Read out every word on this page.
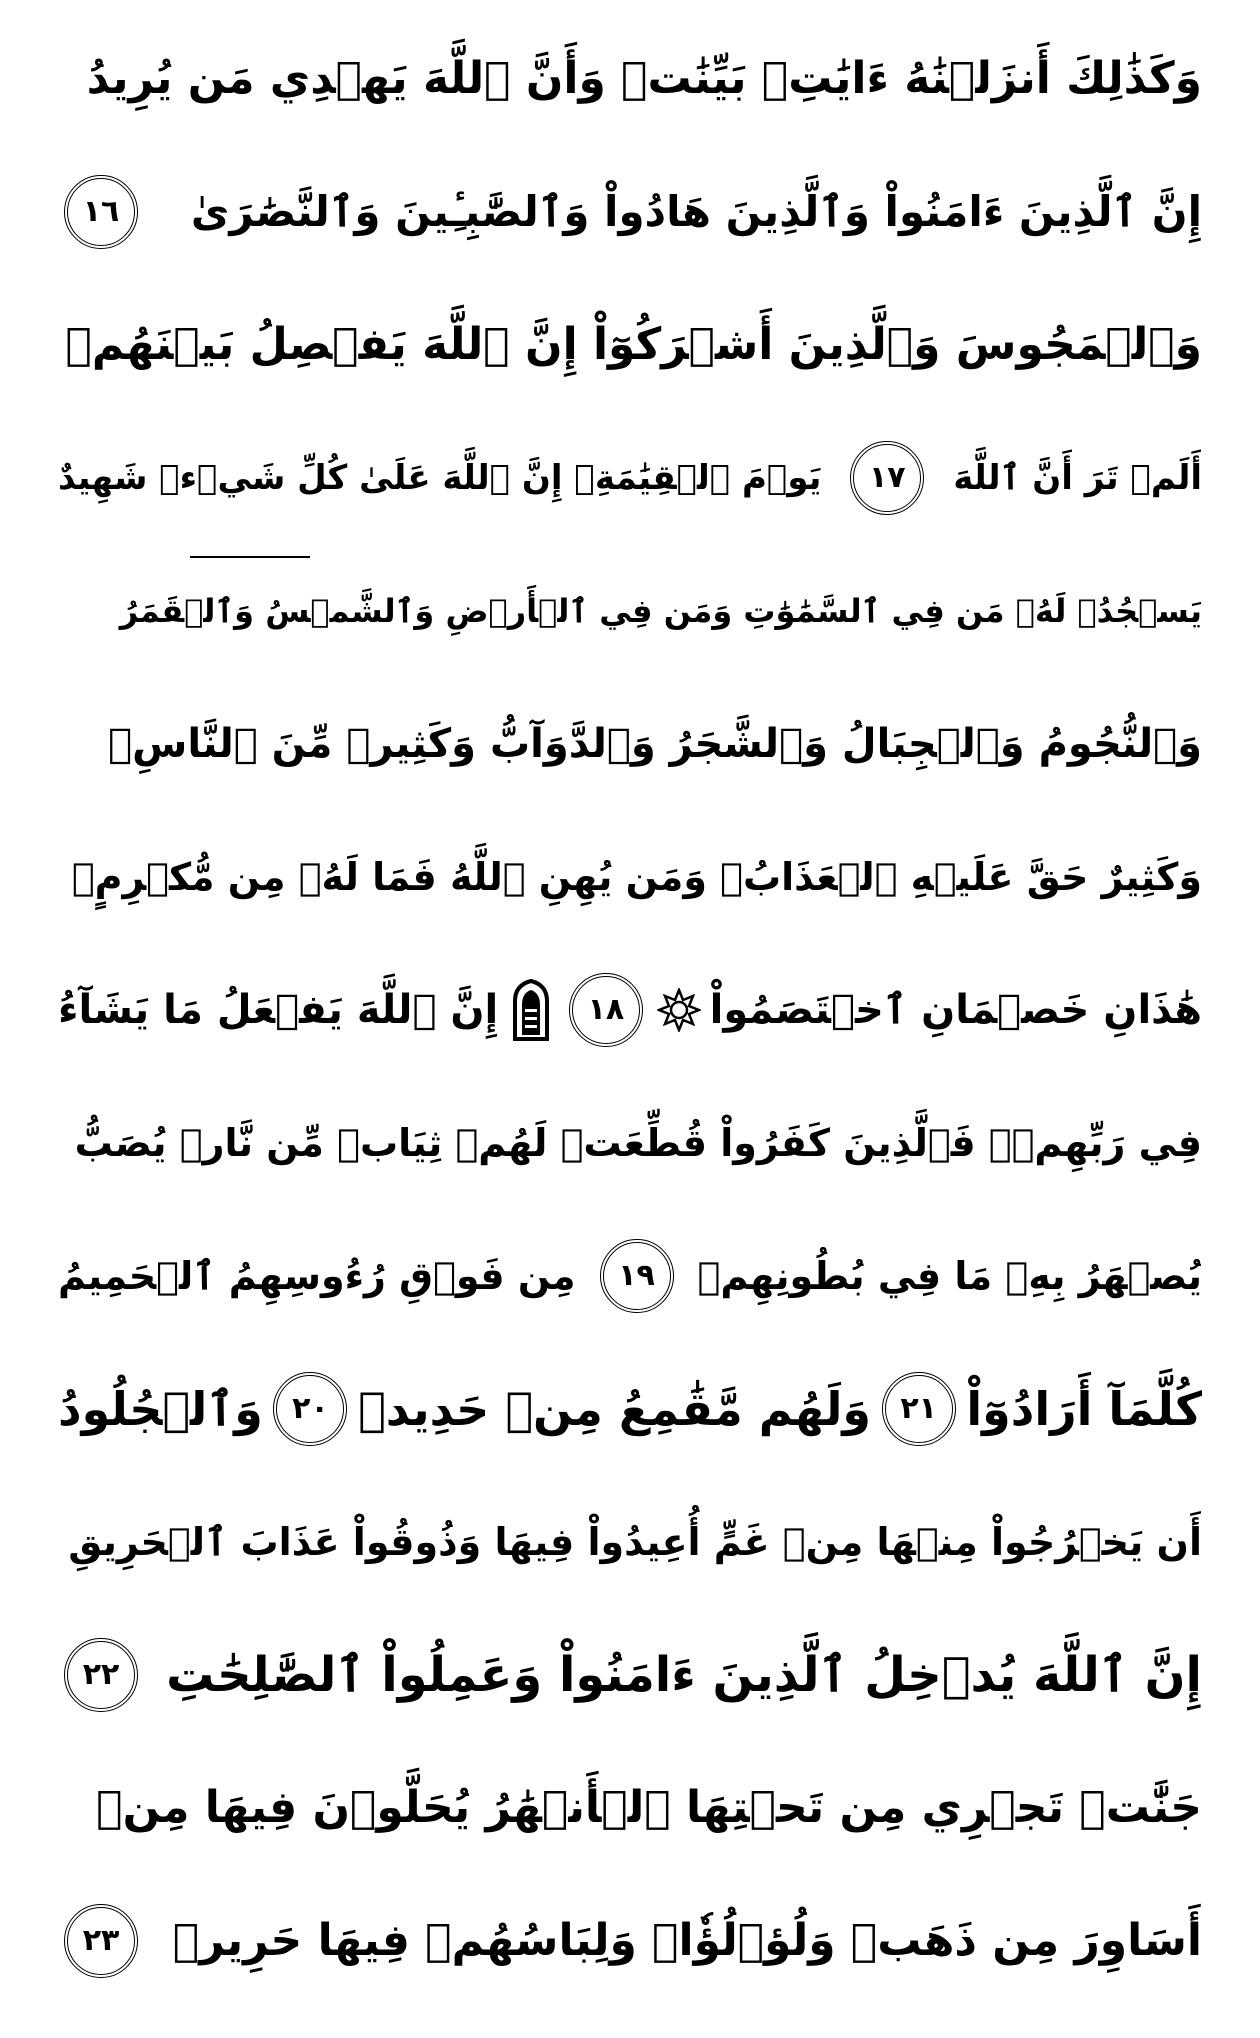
وَكَذَٰلِكَ أَنزَلۡنَٰهُ ءَايَٰتِۭ بَيِّنَٰتٖ وَأَنَّ ٱللَّهَ يَهۡدِي مَن يُرِيدُ
إِنَّ ٱلَّذِينَ ءَامَنُواْ وَٱلَّذِينَ هَادُواْ وَٱلصَّٰبِـِٔينَ وَٱلنَّصَٰرَىٰ
١٦
وَٱلۡمَجُوسَ وَٱلَّذِينَ أَشۡرَكُوٓاْ إِنَّ ٱللَّهَ يَفۡصِلُ بَيۡنَهُمۡ
أَلَمۡ تَرَ أَنَّ ٱللَّهَ
١٧
يَوۡمَ ٱلۡقِيَٰمَةِۚ إِنَّ ٱللَّهَ عَلَىٰ كُلِّ شَيۡءٖ شَهِيدٌ
يَسۡجُدُۤ لَهُۥ مَن فِي ٱلسَّمَٰوَٰتِ وَمَن فِي ٱلۡأَرۡضِ وَٱلشَّمۡسُ وَٱلۡقَمَرُ
وَٱلنُّجُومُ وَٱلۡجِبَالُ وَٱلشَّجَرُ وَٱلدَّوَآبُّ وَكَثِيرٞ مِّنَ ٱلنَّاسِۖ
وَكَثِيرٌ حَقَّ عَلَيۡهِ ٱلۡعَذَابُۗ وَمَن يُهِنِ ٱللَّهُ فَمَا لَهُۥ مِن مُّكۡرِمٍۚ
هَٰذَانِ خَصۡمَانِ ٱخۡتَصَمُواْ
١٨
إِنَّ ٱللَّهَ يَفۡعَلُ مَا يَشَآءُ
فِي رَبِّهِمۡۖ فَٱلَّذِينَ كَفَرُواْ قُطِّعَتۡ لَهُمۡ ثِيَابٞ مِّن نَّارٖ يُصَبُّ
يُصۡهَرُ بِهِۦ مَا فِي بُطُونِهِمۡ
١٩
مِن فَوۡقِ رُءُوسِهِمُ ٱلۡحَمِيمُ
كُلَّمَآ أَرَادُوٓاْ
٢١
وَلَهُم مَّقَٰمِعُ مِنۡ حَدِيدٖ
٢٠
وَٱلۡجُلُودُ
أَن يَخۡرُجُواْ مِنۡهَا مِنۡ غَمٍّ أُعِيدُواْ فِيهَا وَذُوقُواْ عَذَابَ ٱلۡحَرِيقِ
إِنَّ ٱللَّهَ يُدۡخِلُ ٱلَّذِينَ ءَامَنُواْ وَعَمِلُواْ ٱلصَّٰلِحَٰتِ
٢٢
جَنَّٰتٖ تَجۡرِي مِن تَحۡتِهَا ٱلۡأَنۡهَٰرُ يُحَلَّوۡنَ فِيهَا مِنۡ
أَسَاوِرَ مِن ذَهَبٖ وَلُؤۡلُؤٗاۖ وَلِبَاسُهُمۡ فِيهَا حَرِيرٞ
٢٣
